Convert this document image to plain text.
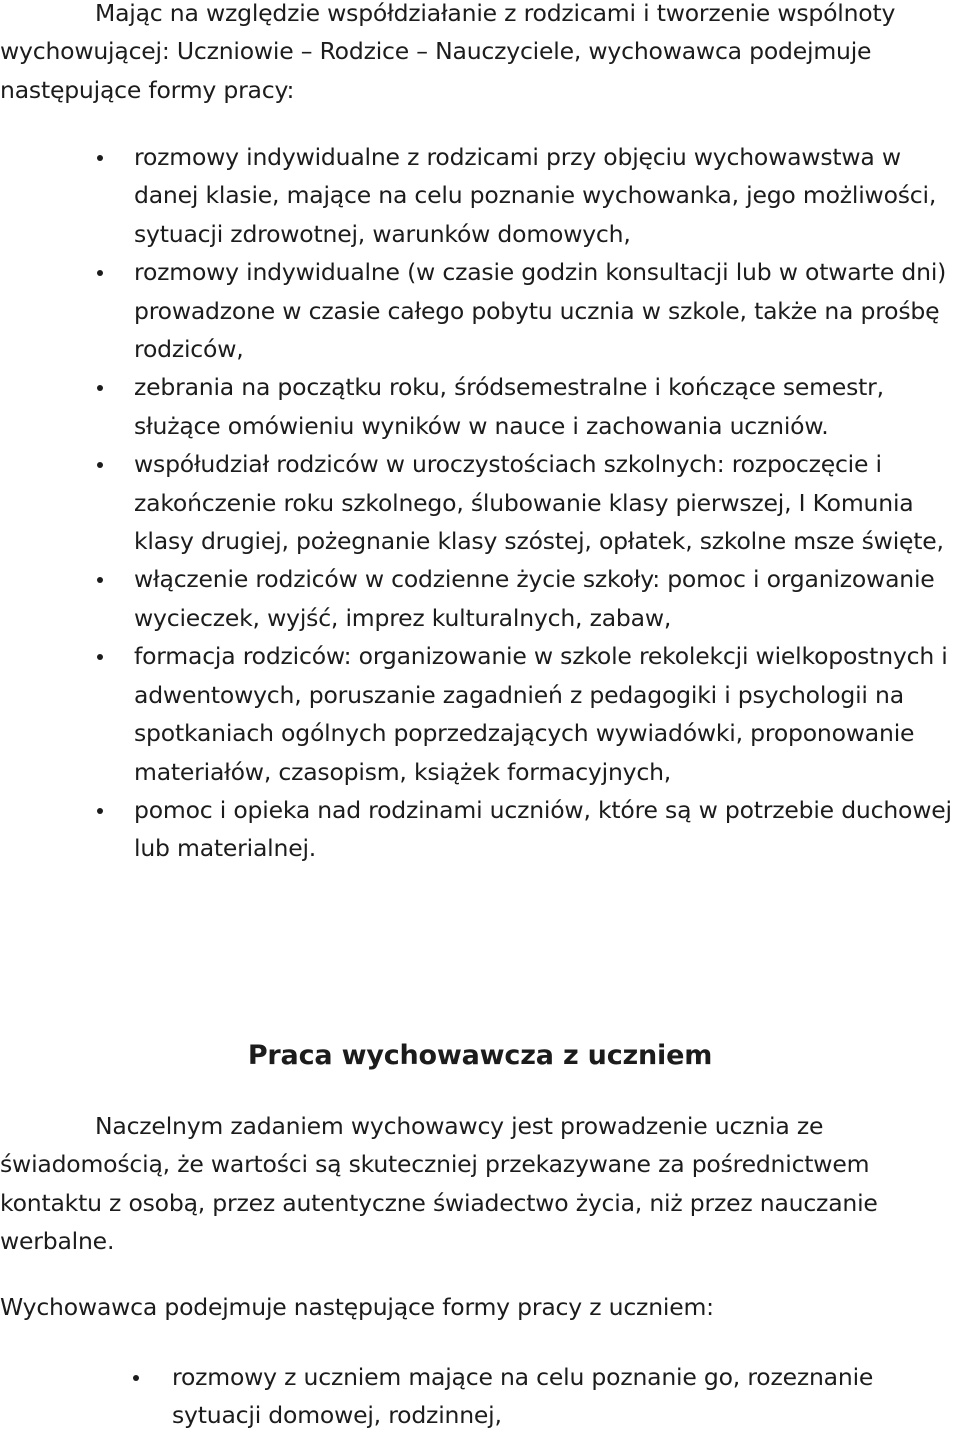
Mając na względzie współdziałanie z rodzicami i tworzenie wspólnoty wychowującej: Uczniowie – Rodzice – Nauczyciele, wychowawca podejmuje następujące formy pracy:

rozmowy indywidualne z rodzicami przy objęciu wychowawstwa w danej klasie, mające na celu poznanie wychowanka, jego możliwości, sytuacji zdrowotnej, warunków domowych,
rozmowy indywidualne (w czasie godzin konsultacji lub w otwarte dni) prowadzone w czasie całego pobytu ucznia w szkole, także na prośbę rodziców,
zebrania na początku roku, śródsemestralne i kończące semestr, służące omówieniu wyników w nauce i zachowania uczniów.
współudział rodziców w uroczystościach szkolnych: rozpoczęcie i zakończenie roku szkolnego, ślubowanie klasy pierwszej, I Komunia klasy drugiej, pożegnanie klasy szóstej, opłatek, szkolne msze święte,
włączenie rodziców w codzienne życie szkoły: pomoc i organizowanie wycieczek, wyjść, imprez kulturalnych, zabaw,
formacja rodziców: organizowanie w szkole rekolekcji wielkopostnych i adwentowych, poruszanie zagadnień z pedagogiki i psychologii na spotkaniach ogólnych poprzedzających wywiadówki, proponowanie materiałów, czasopism, książek formacyjnych,
pomoc i opieka nad rodzinami uczniów, które są w potrzebie duchowej lub materialnej.
Praca wychowawcza z uczniem

Naczelnym zadaniem wychowawcy jest prowadzenie ucznia ze świadomością, że wartości są skuteczniej przekazywane za pośrednictwem kontaktu z osobą, przez autentyczne świadectwo życia, niż przez nauczanie werbalne.

Wychowawca podejmuje następujące formy pracy z uczniem:

rozmowy z uczniem mające na celu poznanie go, rozeznanie sytuacji domowej, rodzinnej,
